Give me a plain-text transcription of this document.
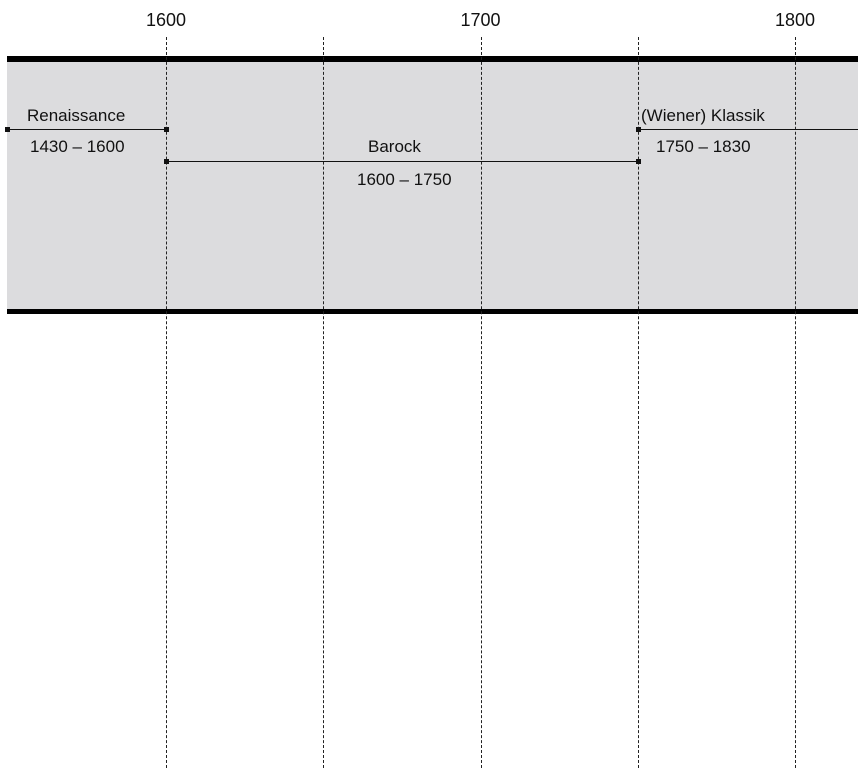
1600	1700	1800
Renaissance
1430 – 1600	Barock
1600 – 1750
(Wiener) Klassik
1750 – 1830
